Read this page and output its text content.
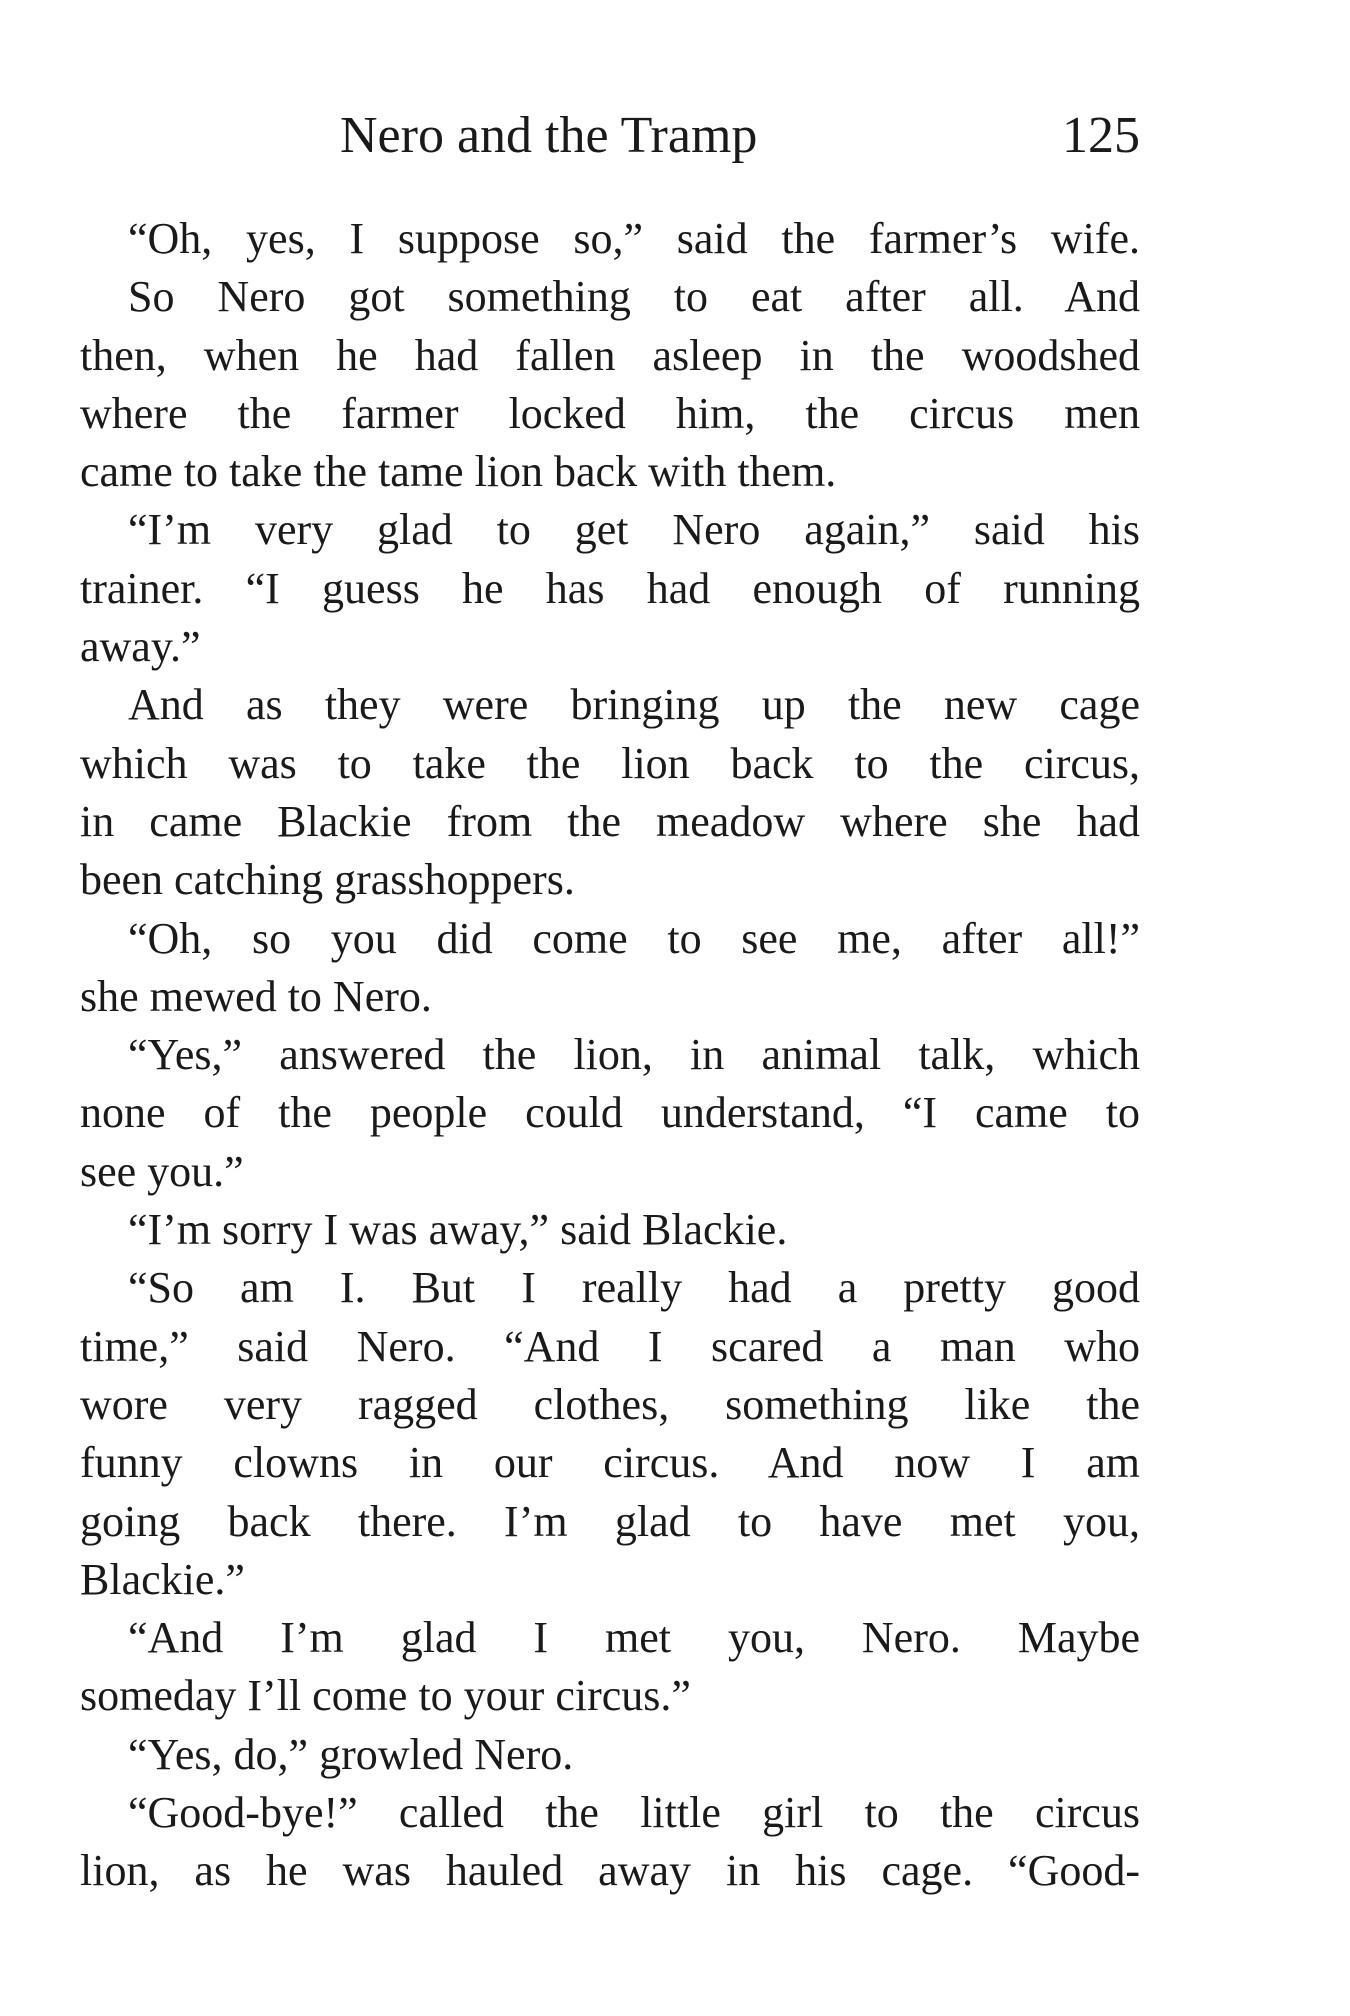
Nero and the Tramp	125
“Oh, yes, I suppose so,” said the farmer’s wife.
So Nero got something to eat after all. And
then, when he had fallen asleep in the woodshed
where the farmer locked him, the circus men
came to take the tame lion back with them.
“I’m very glad to get Nero again,” said his
trainer. “I guess he has had enough of running
away.”
And as they were bringing up the new cage
which was to take the lion back to the circus,
in came Blackie from the meadow where she had
been catching grasshoppers.
“Oh, so you did come to see me, after all!”
she mewed to Nero.
“Yes,” answered the lion, in animal talk, which
none of the people could understand, “I came to
see you.”
“I’m sorry I was away,” said Blackie.
“So am I. But I really had a pretty good
time,” said Nero. “And I scared a man who
wore very ragged clothes, something like the
funny clowns in our circus. And now I am
going back there. I’m glad to have met you,
Blackie.”
“And I’m glad I met you, Nero. Maybe
someday I’ll come to your circus.”
“Yes, do,” growled Nero.
“Good-bye!” called the little girl to the circus
lion, as he was hauled away in his cage. “Good-
